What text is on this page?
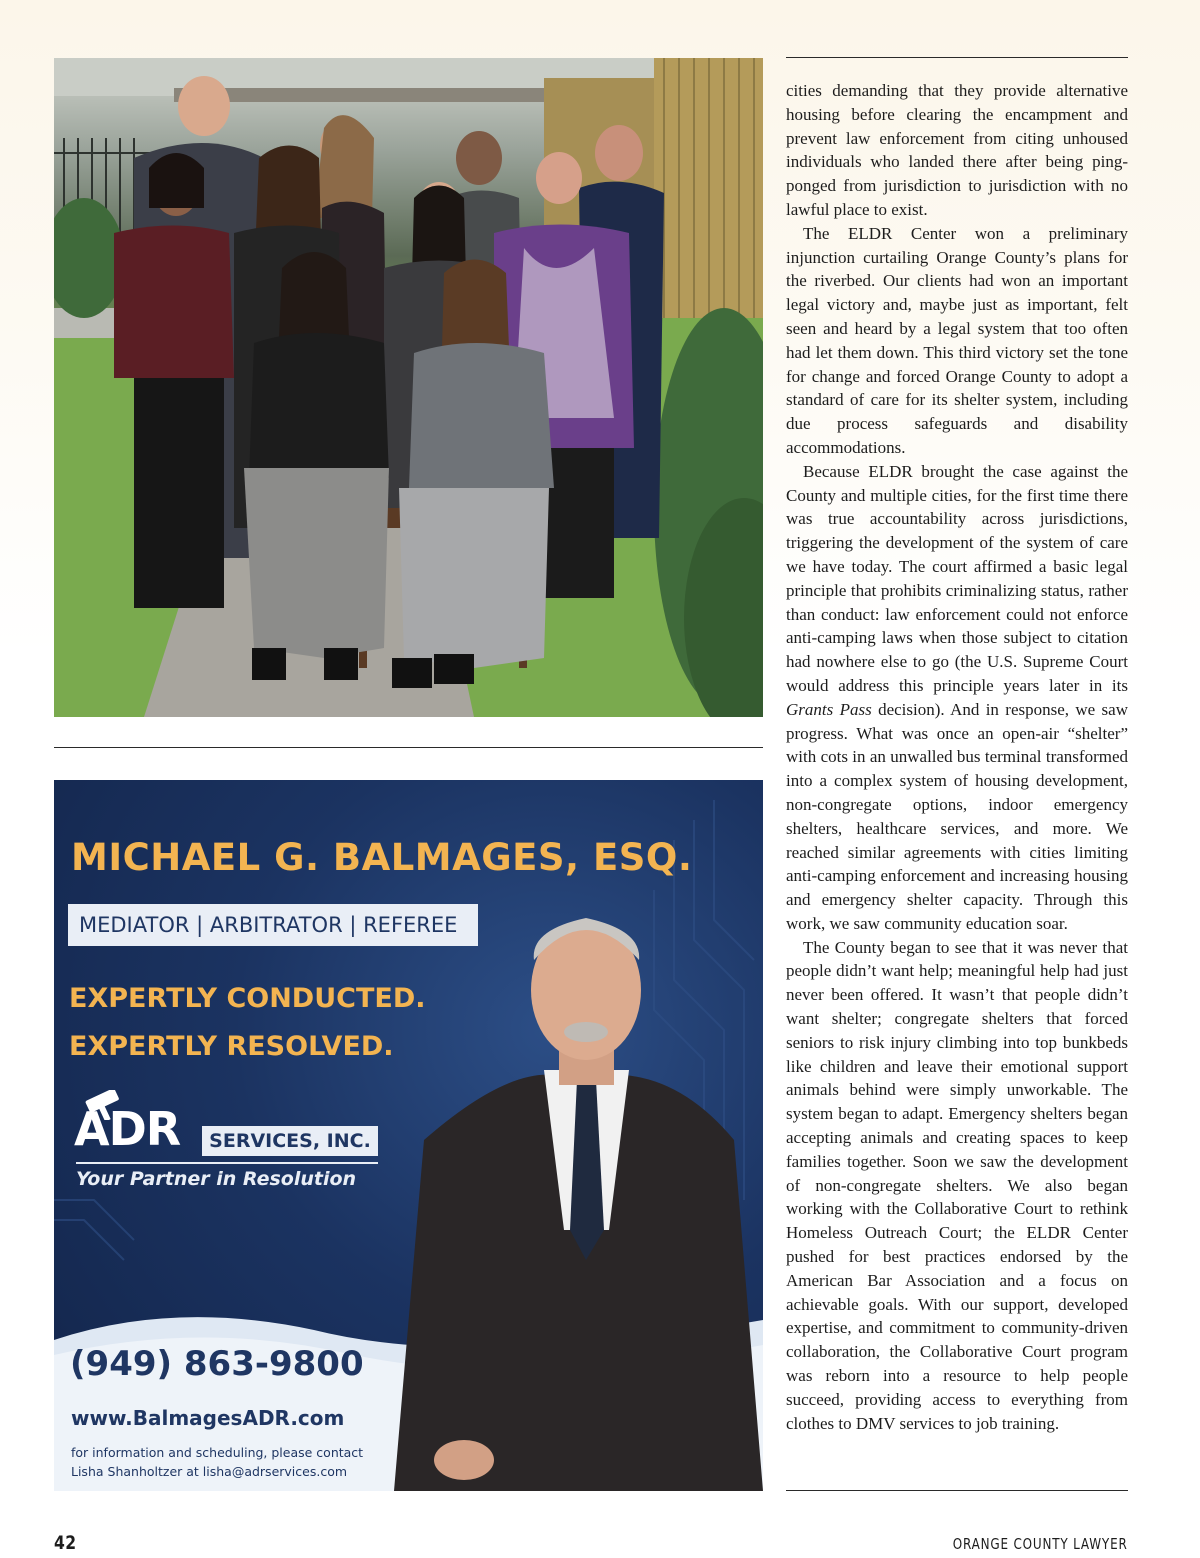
MICHAEL G. BALMAGES, ESQ.
MEDIATOR | ARBITRATOR | REFEREE
EXPERTLY CONDUCTED.
EXPERTLY RESOLVED.
ADR	SERVICES, INC.
Your Partner in Resolution
(949) 863-9800
www.BalmagesADR.com
for information and scheduling, please contact
Lisha Shanholtzer at lisha@adrservices.com

cities demanding that they provide alternative housing before clearing the encampment and prevent law enforcement from citing unhoused individuals who landed there after being ping-ponged from jurisdiction to jurisdiction with no lawful place to exist.

The ELDR Center won a preliminary injunction curtailing Orange County’s plans for the riverbed. Our clients had won an important legal victory and, maybe just as important, felt seen and heard by a legal system that too often had let them down. This third victory set the tone for change and forced Orange County to adopt a standard of care for its shelter system, including due process safeguards and disability accommodations.

Because ELDR brought the case against the County and multiple cities, for the first time there was true accountability across jurisdictions, triggering the development of the system of care we have today. The court affirmed a basic legal principle that prohibits criminalizing status, rather than conduct: law enforcement could not enforce anti-camping laws when those subject to citation had nowhere else to go (the U.S. Supreme Court would address this principle years later in its Grants Pass decision). And in response, we saw progress. What was once an open-air “shelter” with cots in an unwalled bus terminal transformed into a complex system of housing development, non-congregate options, indoor emergency shelters, healthcare services, and more. We reached similar agreements with cities limiting anti-camping enforcement and increasing housing and emergency shelter capacity. Through this work, we saw community education soar.

The County began to see that it was never that people didn’t want help; meaningful help had just never been offered. It wasn’t that people didn’t want shelter; congregate shelters that forced seniors to risk injury climbing into top bunkbeds like children and leave their emotional support animals behind were simply unworkable. The system began to adapt. Emergency shelters began accepting animals and creating spaces to keep families together. Soon we saw the development of non-congregate shelters. We also began working with the Collaborative Court to rethink Homeless Outreach Court; the ELDR Center pushed for best practices endorsed by the American Bar Association and a focus on achievable goals. With our support, developed expertise, and commitment to community-driven collaboration, the Collaborative Court program was reborn into a resource to help people succeed, providing access to everything from clothes to DMV services to job training.

42	ORANGE COUNTY LAWYER
